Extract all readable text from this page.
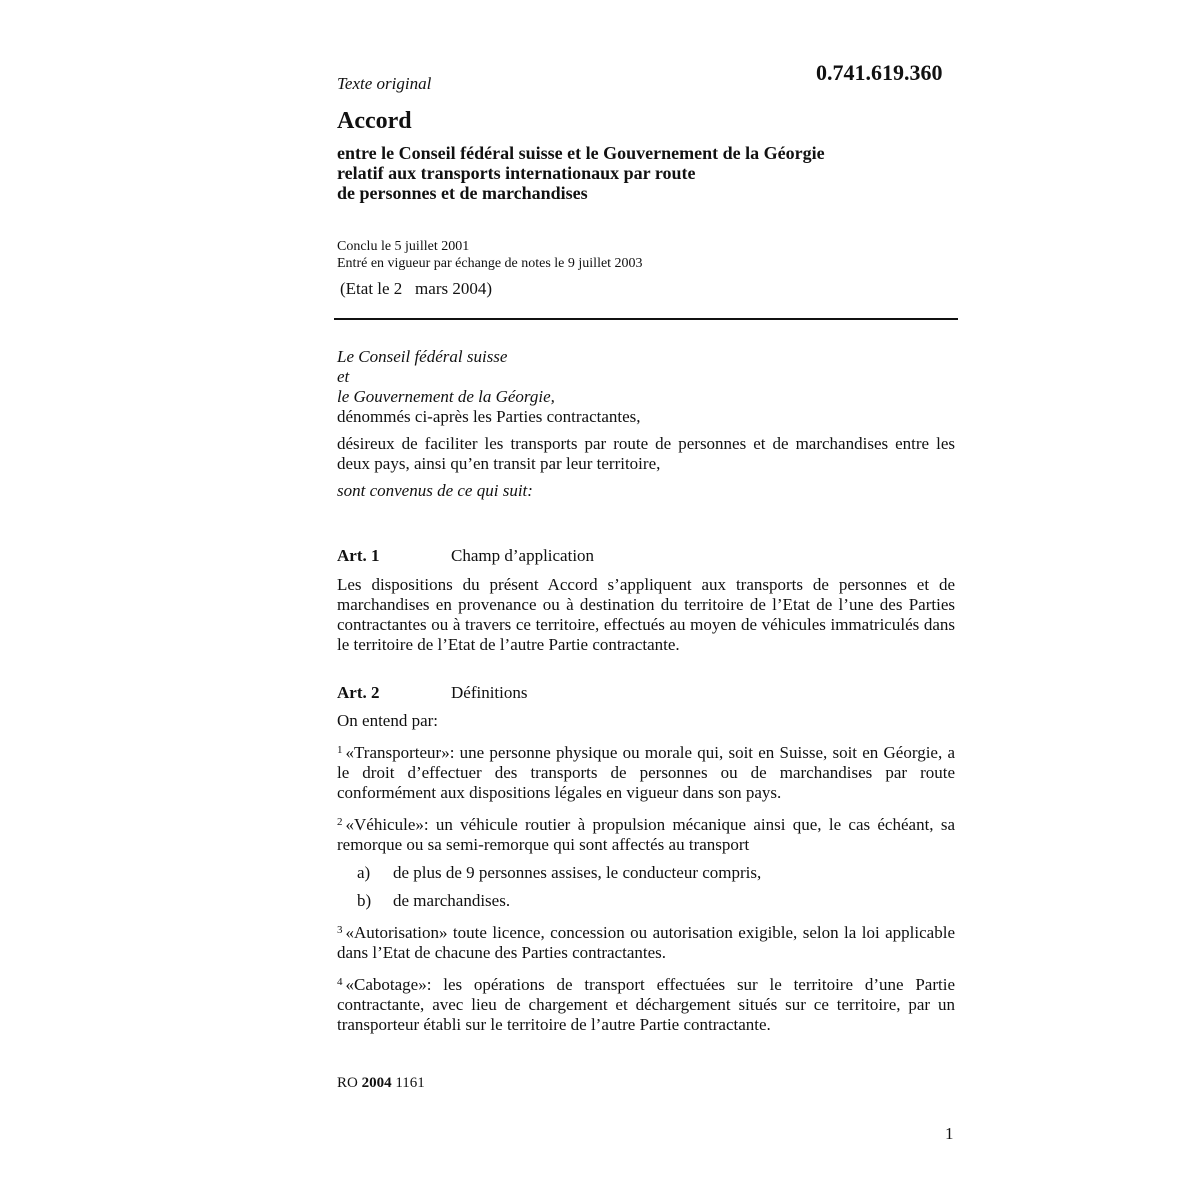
0.741.619.360
Texte original
Accord
entre le Conseil fédéral suisse et le Gouvernement de la Géorgie
relatif aux transports internationaux par route
de personnes et de marchandises
Conclu le 5 juillet 2001
Entré en vigueur par échange de notes le 9 juillet 2003
(Etat le 2   mars 2004)
Le Conseil fédéral suisse
et
le Gouvernement de la Géorgie,
dénommés ci-après les Parties contractantes,
désireux de faciliter les transports par route de personnes et de marchandises entre les deux pays, ainsi qu’en transit par leur territoire,
sont convenus de ce qui suit:
Art. 1	Champ d’application
Les dispositions du présent Accord s’appliquent aux transports de personnes et de marchandises en provenance ou à destination du territoire de l’Etat de l’une des Parties contractantes ou à travers ce territoire, effectués au moyen de véhicules immatriculés dans le territoire de l’Etat de l’autre Partie contractante.
Art. 2	Définitions
On entend par:
$^1$ «Transporteur»: une personne physique ou morale qui, soit en Suisse, soit en Géorgie, a le droit d’effectuer des transports de personnes ou de marchandises par route conformément aux dispositions légales en vigueur dans son pays.
$^2$ «Véhicule»: un véhicule routier à propulsion mécanique ainsi que, le cas échéant, sa remorque ou sa semi-remorque qui sont affectés au transport
a) de plus de 9 personnes assises, le conducteur compris,
b) de marchandises.
$^3$ «Autorisation» toute licence, concession ou autorisation exigible, selon la loi applicable dans l’Etat de chacune des Parties contractantes.
$^4$ «Cabotage»: les opérations de transport effectuées sur le territoire d’une Partie contractante, avec lieu de chargement et déchargement situés sur ce territoire, par un transporteur établi sur le territoire de l’autre Partie contractante.
RO 2004 1161
1
